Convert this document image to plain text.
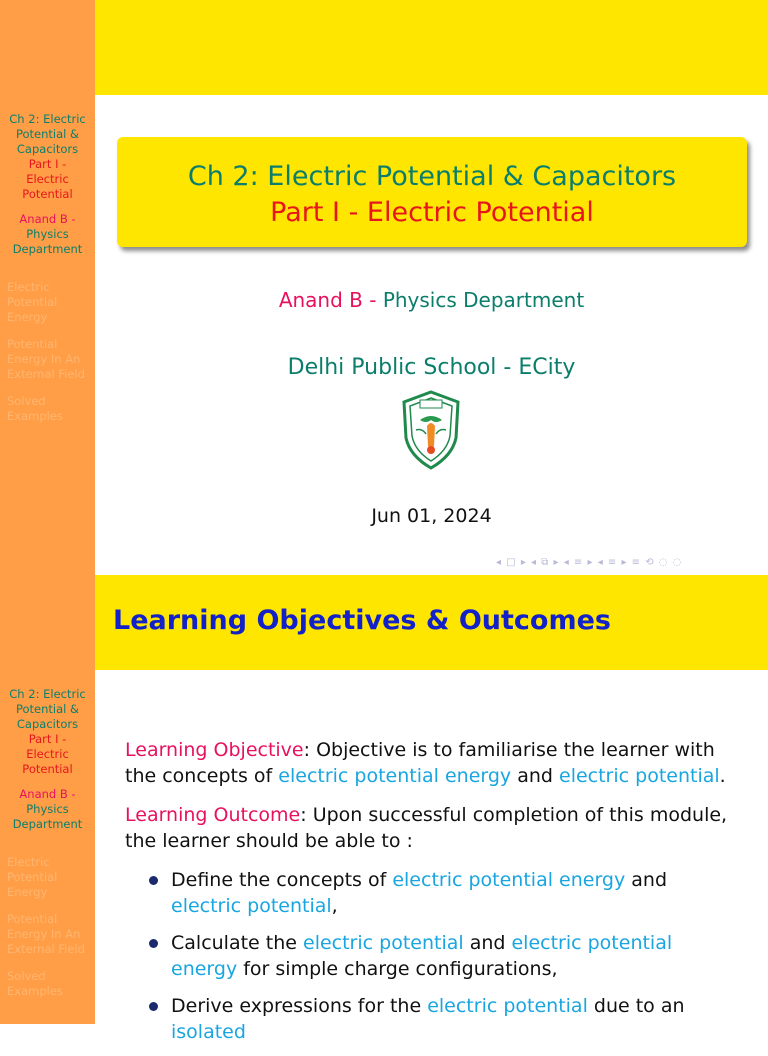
Ch 2: Electric
Potential &
Capacitors
Part I -
Electric
Potential
Anand B -
Physics
Department
Electric
Potential
Energy
Potential
Energy In An
External Field
Solved
Examples
Ch 2: Electric Potential & Capacitors
Part I - Electric Potential
Anand B - Physics Department
Delhi Public School - ECity
Jun 01, 2024
◂ □ ▸ ◂ ⧉ ▸ ◂ ≡ ▸ ◂ ≡ ▸ ≡ ⟲ ◌ ◌
Learning Objectives & Outcomes
Ch 2: Electric
Potential &
Capacitors
Part I -
Electric
Potential
Anand B -
Physics
Department
Electric
Potential
Energy
Potential
Energy In An
External Field
Solved
Examples

Learning Objective: Objective is to familiarise the learner with the concepts of electric potential energy and electric potential.

Learning Outcome: Upon successful completion of this module, the learner should be able to :

Define the concepts of electric potential energy and electric potential,
Calculate the electric potential and electric potential energy for simple charge configurations,
Derive expressions for the electric potential due to an isolated
